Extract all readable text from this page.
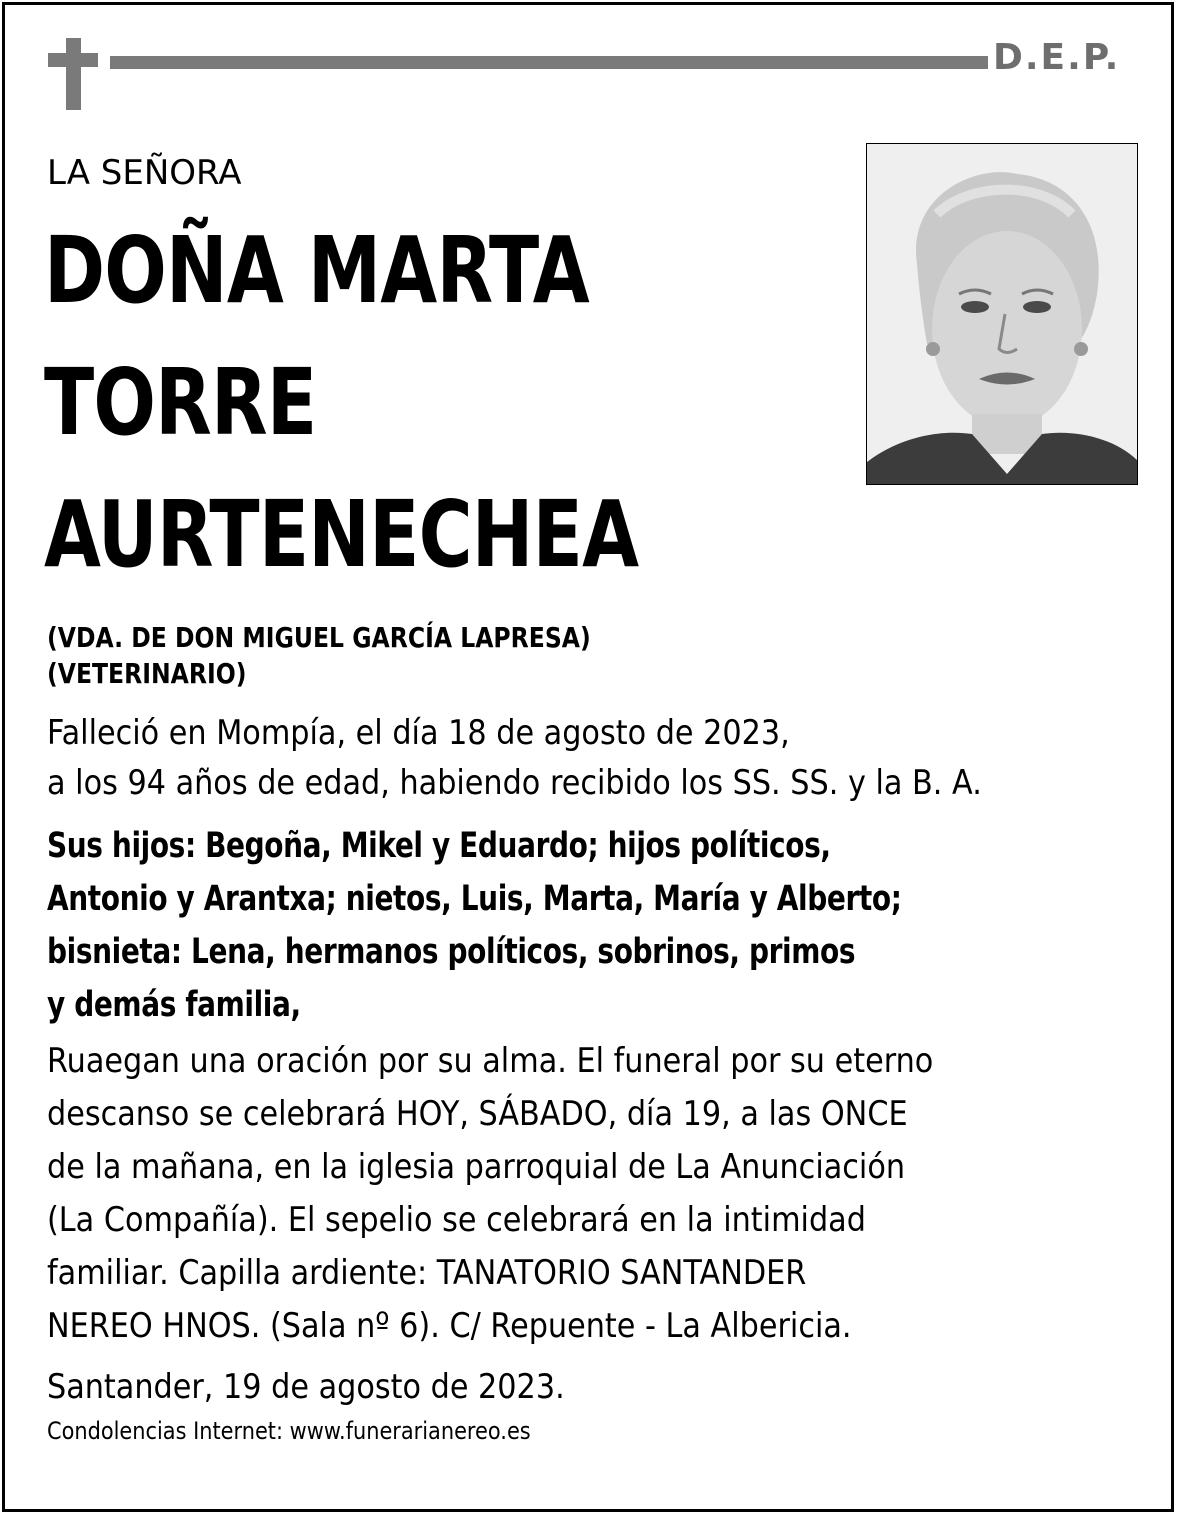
D.E.P.
LA SEÑORA
DOÑA MARTA
TORRE
AURTENECHEA
(VDA. DE DON MIGUEL GARCÍA LAPRESA)
(VETERINARIO)
Falleció en Mompía, el día 18 de agosto de 2023,
a los 94 años de edad, habiendo recibido los SS. SS. y la B. A.
Sus hijos: Begoña, Mikel y Eduardo; hijos políticos,
Antonio y Arantxa; nietos, Luis, Marta, María y Alberto;
bisnieta: Lena, hermanos políticos, sobrinos, primos
y demás familia,
Ruaegan una oración por su alma. El funeral por su eterno
descanso se celebrará HOY, SÁBADO, día 19, a las ONCE
de la mañana, en la iglesia parroquial de La Anunciación
(La Compañía). El sepelio se celebrará en la intimidad
familiar. Capilla ardiente: TANATORIO SANTANDER
NEREO HNOS. (Sala nº 6). C/ Repuente - La Albericia.
Santander, 19 de agosto de 2023.
Condolencias Internet: www.funerarianereo.es
